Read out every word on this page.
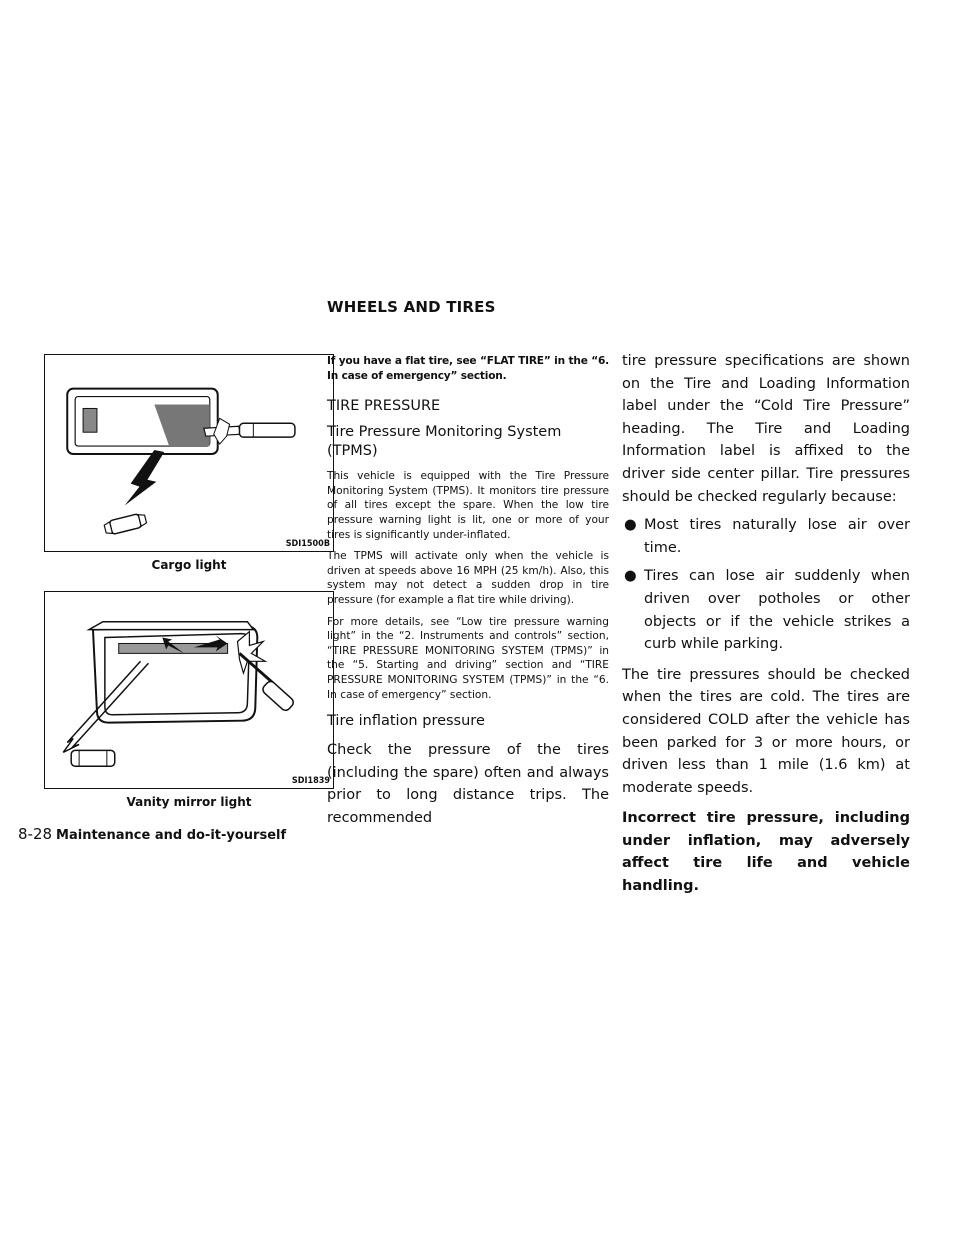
WHEELS AND TIRES
SDI1500B
Cargo light
SDI1839
Vanity mirror light
If you have a flat tire, see “FLAT TIRE” in the “6. In case of emergency” section.
TIRE PRESSURE
Tire Pressure Monitoring System (TPMS)
This vehicle is equipped with the Tire Pressure Monitoring System (TPMS). It monitors tire pressure of all tires except the spare. When the low tire pressure warning light is lit, one or more of your tires is significantly under-inflated.
The TPMS will activate only when the vehicle is driven at speeds above 16 MPH (25 km/h). Also, this system may not detect a sudden drop in tire pressure (for example a flat tire while driving).
For more details, see “Low tire pressure warning light” in the “2. Instruments and controls” section, “TIRE PRESSURE MONITORING SYSTEM (TPMS)” in the “5. Starting and driving” section and “TIRE PRESSURE MONITORING SYSTEM (TPMS)” in the “6. In case of emergency” section.
Tire inflation pressure
Check the pressure of the tires (including the spare) often and always prior to long distance trips. The recommended
tire pressure specifications are shown on the Tire and Loading Information label under the “Cold Tire Pressure” heading. The Tire and Loading Information label is affixed to the driver side center pillar. Tire pressures should be checked regularly because:
● Most tires naturally lose air over time.
● Tires can lose air suddenly when driven over potholes or other objects or if the vehicle strikes a curb while parking.
The tire pressures should be checked when the tires are cold. The tires are considered COLD after the vehicle has been parked for 3 or more hours, or driven less than 1 mile (1.6 km) at moderate speeds.
Incorrect tire pressure, including under inflation, may adversely affect tire life and vehicle handling.
8-28 Maintenance and do-it-yourself
